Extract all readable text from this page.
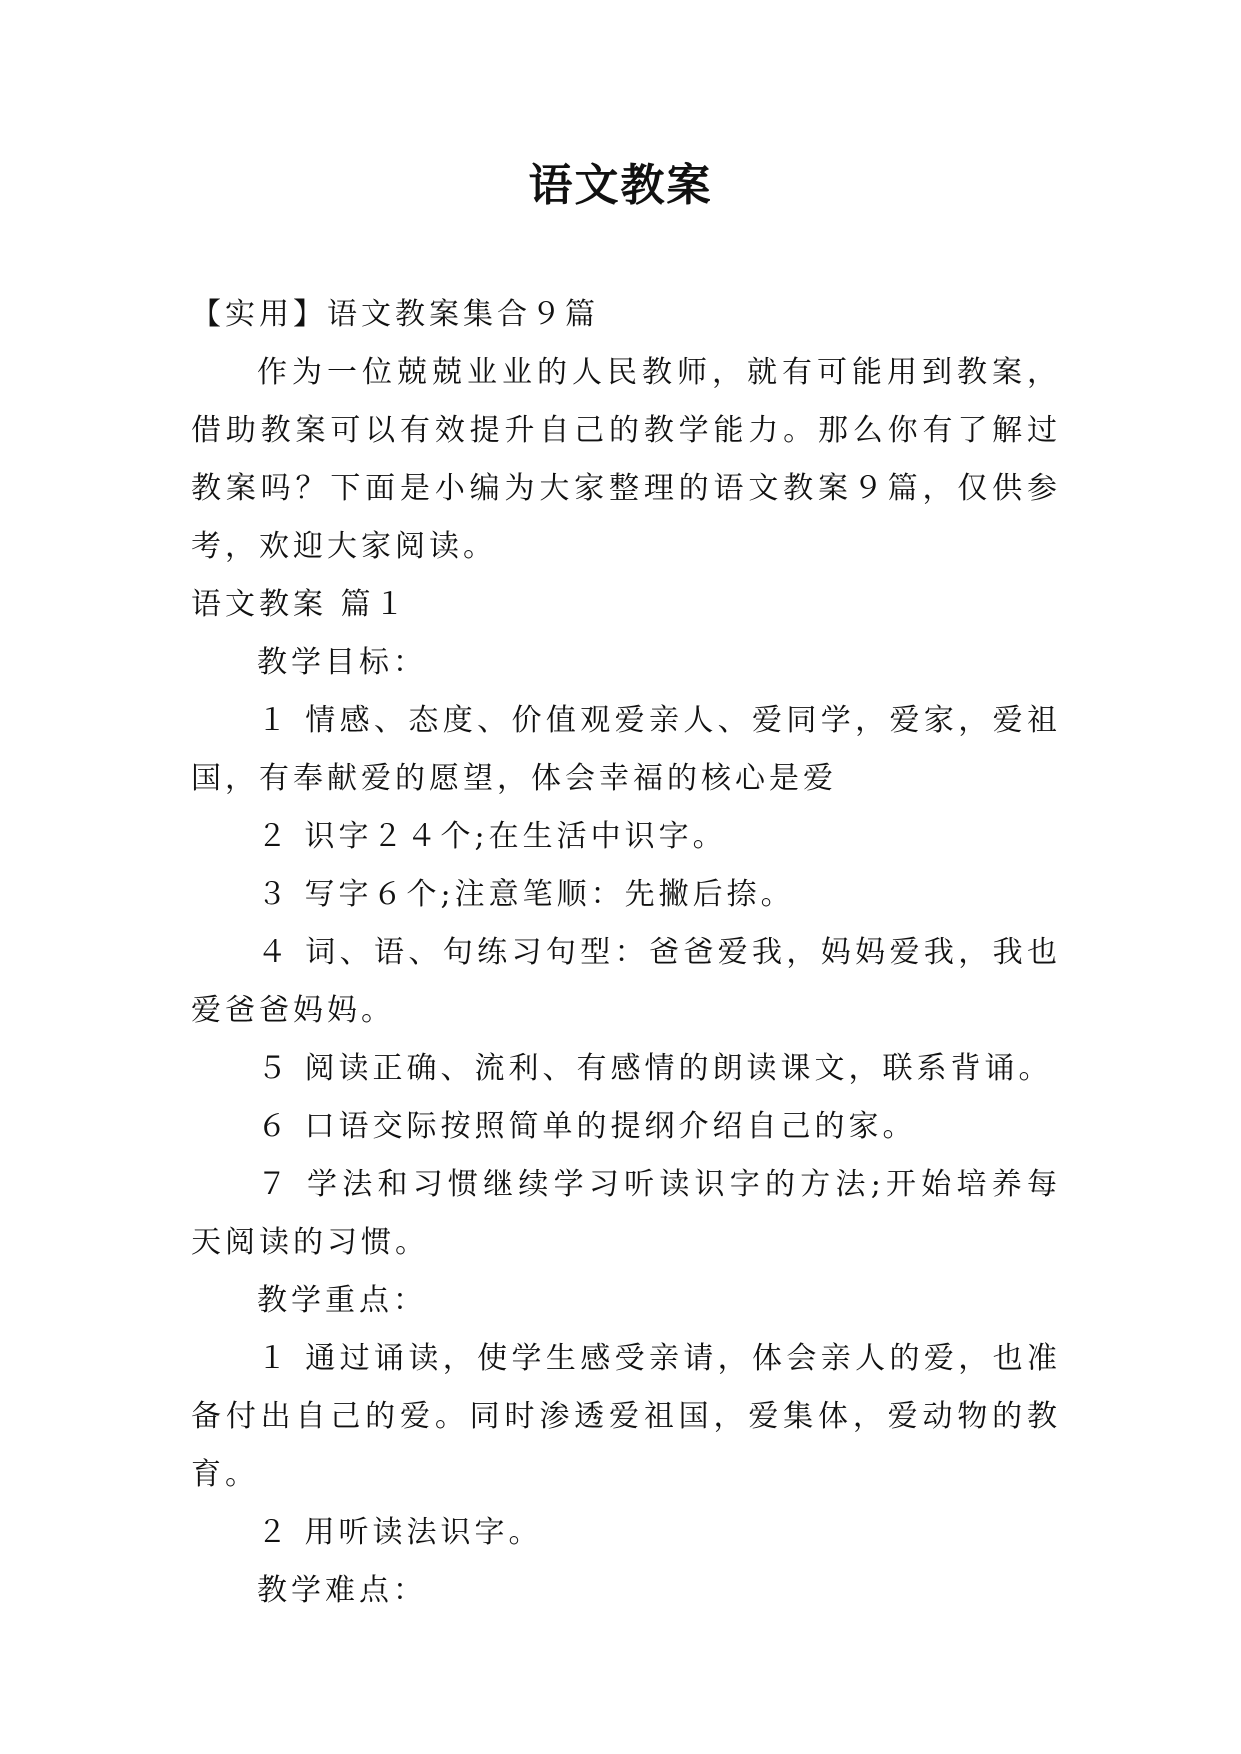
语文教案

【实用】语文教案集合９篇

作为一位兢兢业业的人民教师，就有可能用到教案，借助教案可以有效提升自己的教学能力。那么你有了解过教案吗？下面是小编为大家整理的语文教案９篇，仅供参考，欢迎大家阅读。

语文教案 篇１

教学目标：

１ 情感、态度、价值观爱亲人、爱同学，爱家，爱祖国，有奉献爱的愿望，体会幸福的核心是爱

２ 识字２４个;在生活中识字。

３ 写字６个;注意笔顺：先撇后捺。

４ 词、语、句练习句型：爸爸爱我，妈妈爱我，我也爱爸爸妈妈。

５ 阅读正确、流利、有感情的朗读课文，联系背诵。

６ 口语交际按照简单的提纲介绍自己的家。

７ 学法和习惯继续学习听读识字的方法;开始培养每天阅读的习惯。

教学重点：

１ 通过诵读，使学生感受亲请，体会亲人的爱，也准备付出自己的爱。同时渗透爱祖国，爱集体，爱动物的教育。

２ 用听读法识字。

教学难点：
